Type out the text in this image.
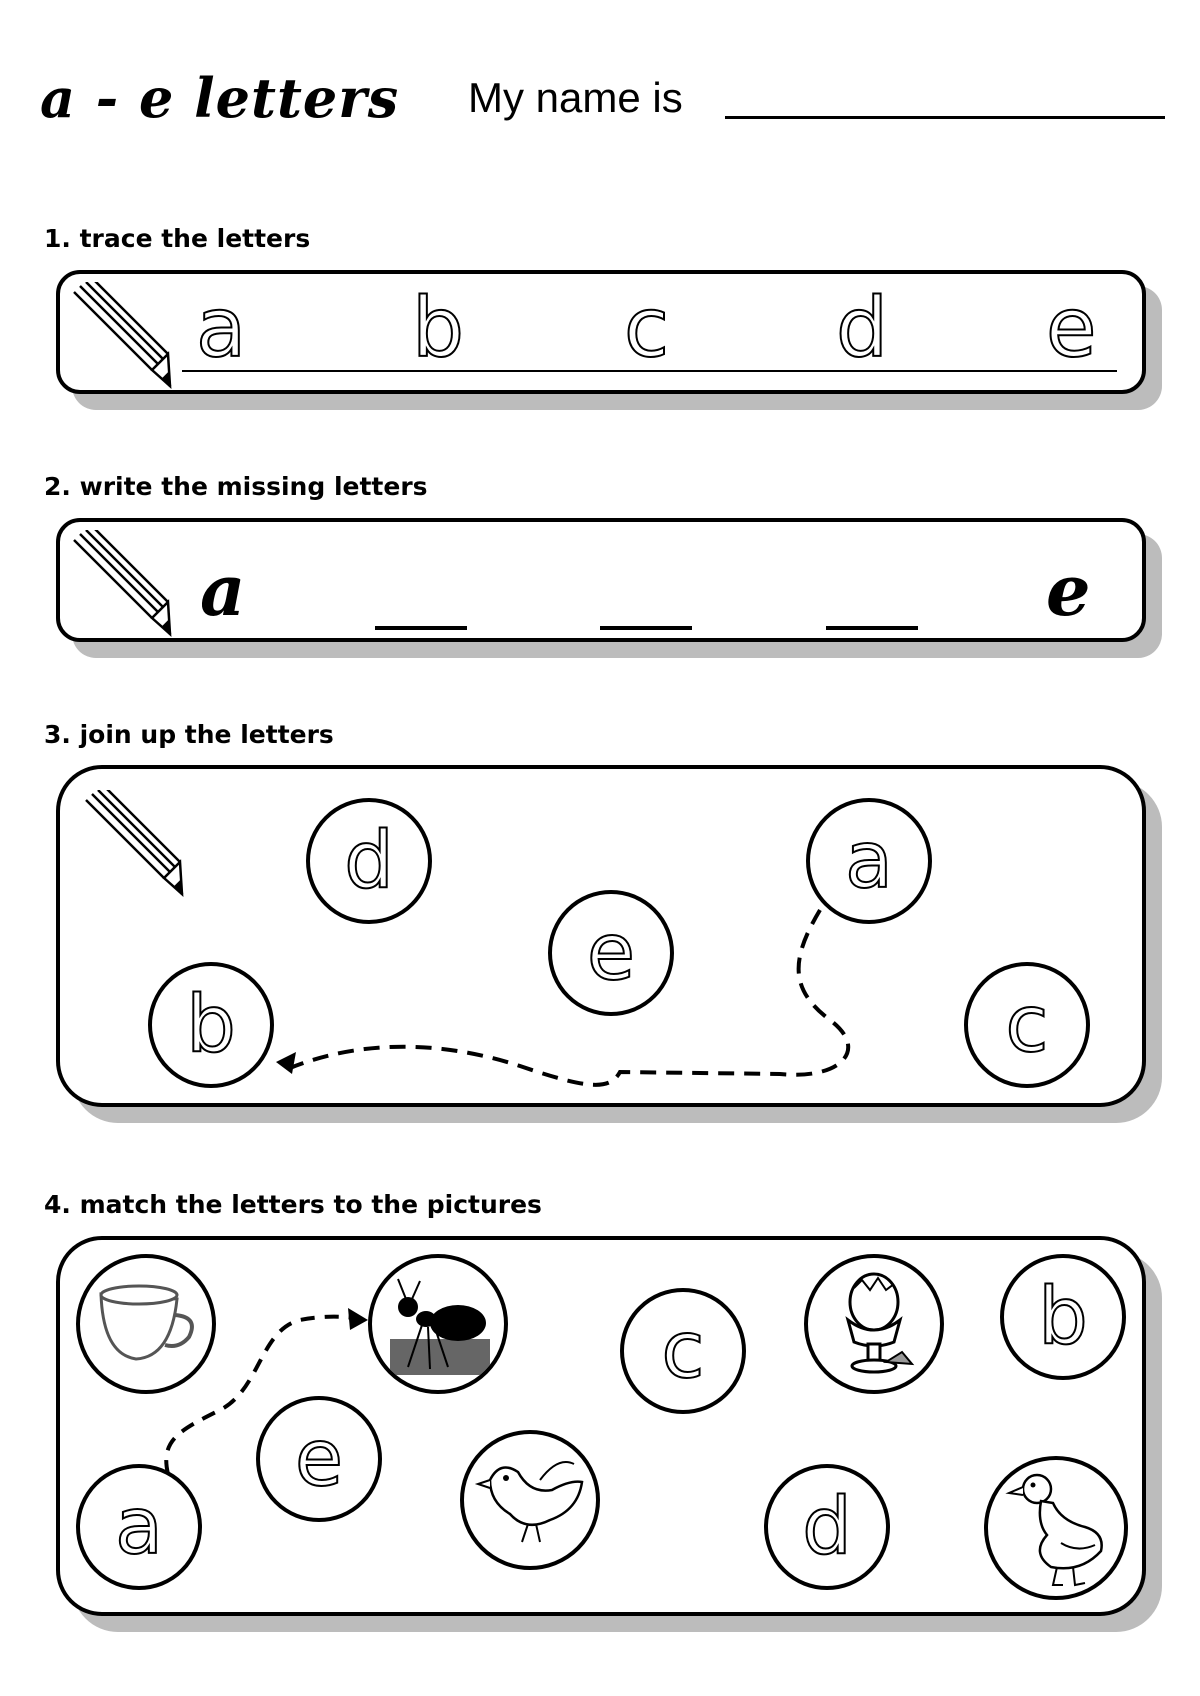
a - e letters My name is
1. trace the letters
a b c d e
2. write the missing letters
a	e
3. join up the letters
d
e
a
b	c
4. match the letters to the pictures
c	b
e
a	d
